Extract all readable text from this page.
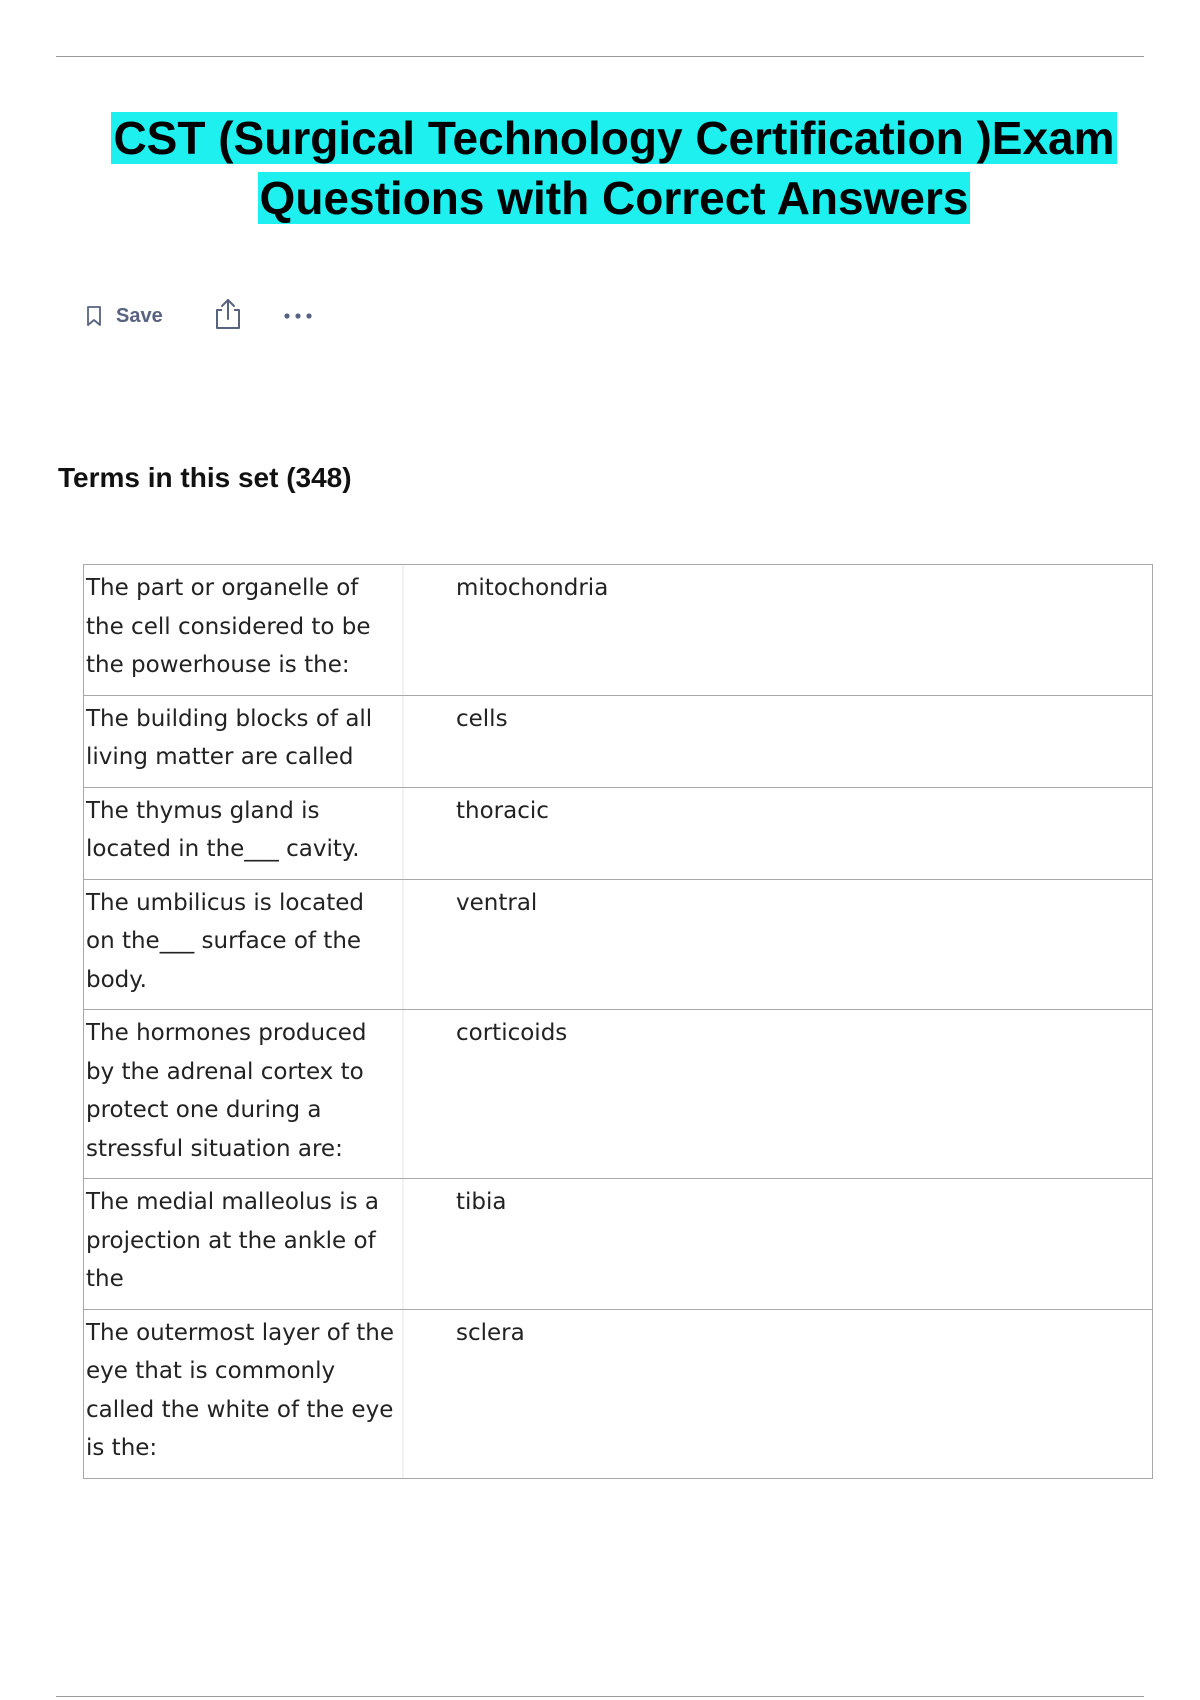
CST (Surgical Technology Certification )Exam
Questions with Correct Answers
Save
Terms in this set (348)
The part or organelle of
the cell considered to be
the powerhouse is the:
mitochondria
The building blocks of all
living matter are called
cells
The thymus gland is
located in the___ cavity.
thoracic
The umbilicus is located
on the___ surface of the
body.
ventral
The hormones produced
by the adrenal cortex to
protect one during a
stressful situation are:
corticoids
The medial malleolus is a
projection at the ankle of
the
tibia
The outermost layer of the
eye that is commonly
called the white of the eye
is the:
sclera
